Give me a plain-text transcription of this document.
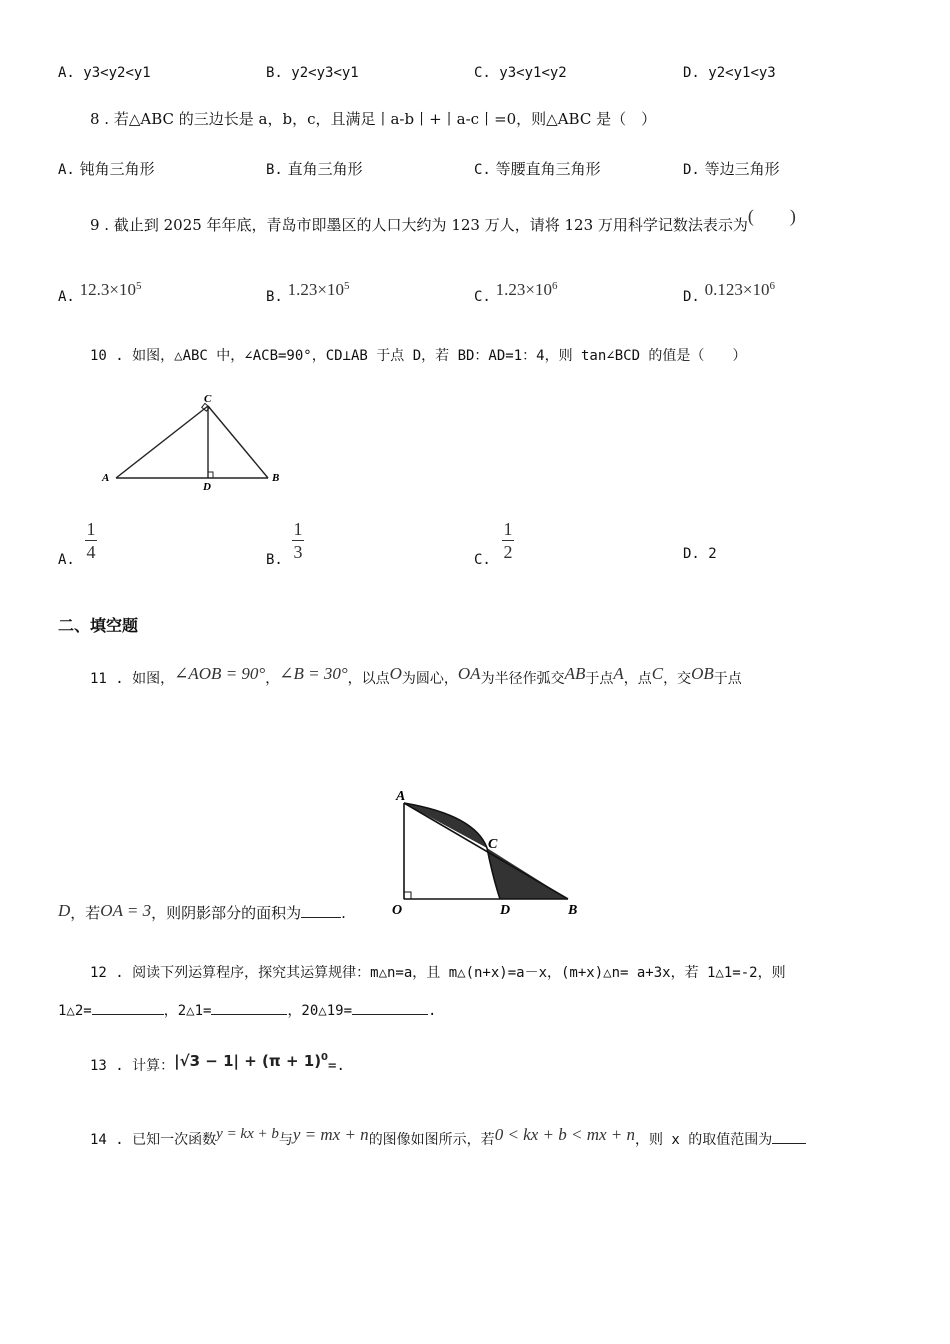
A. y3<y2<y1	B. y2<y3<y1	C. y3<y1<y2	D. y2<y1<y3
8 . 若△ABC 的三边长是 a，b，c，且满足丨a-b丨+丨a-c丨=0，则△ABC 是（　）
A. 钝角三角形	B. 直角三角形	C. 等腰直角三角形	D. 等边三角形
9 . 截止到 2025 年年底，青岛市即墨区的人口大约为 123 万人，请将 123 万用科学记数法表示为(　　)
A. $12.3\times 10^5$
B. $1.23\times 10^5$
C. $1.23\times 10^6$
D. $0.123\times 10^6$
10 . 如图，△ABC 中，∠ACB=90°，CD⊥AB 于点 D，若 BD：AD=1：4，则 tan∠BCD 的值是（　　）
A
C
D
B
A.
1
4	B.
1
3	C.
1
2	D. 2
二、填空题
11 . 如图，∠AOB = 90°，∠B = 30°，以点O为圆心，OA为半径作弧交AB于点A，点C，交OB于点
A
C
O	D	B
D，若OA = 3，则阴影部分的面积为	.
12 . 阅读下列运算程序，探究其运算规律：m△n=a，且 m△(n+x)=a－x，(m+x)△n= a+3x，若 1△1=-2，则
1△2=	，2△1=	，20△19=	.
13 . 计算：$|√3 - 1| + (\pi + 1)^0=$.
14 . 已知一次函数y = kx + b与y = mx + n的图像如图所示，若0 < kx + b < mx + n，则 x 的取值范围为
